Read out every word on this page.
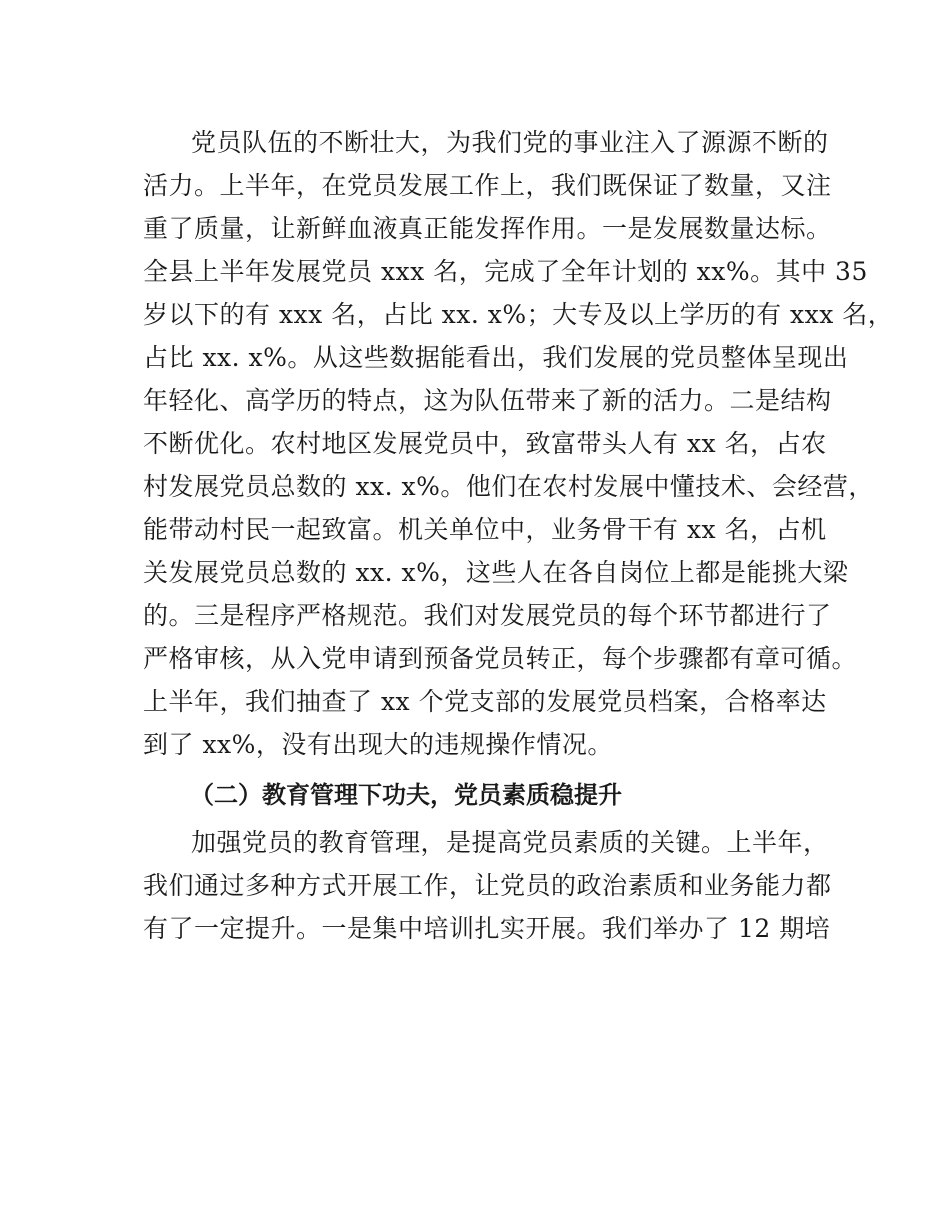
党员队伍的不断壮大，为我们党的事业注入了源源不断的
活力。上半年，在党员发展工作上，我们既保证了数量，又注
重了质量，让新鲜血液真正能发挥作用。一是发展数量达标。
全县上半年发展党员 xxx 名，完成了全年计划的 xx%。其中 35
岁以下的有 xxx 名，占比 xx. x%；大专及以上学历的有 xxx 名，
占比 xx. x%。从这些数据能看出，我们发展的党员整体呈现出
年轻化、高学历的特点，这为队伍带来了新的活力。二是结构
不断优化。农村地区发展党员中，致富带头人有 xx 名，占农
村发展党员总数的 xx. x%。他们在农村发展中懂技术、会经营，
能带动村民一起致富。机关单位中，业务骨干有 xx 名，占机
关发展党员总数的 xx. x%，这些人在各自岗位上都是能挑大梁
的。三是程序严格规范。我们对发展党员的每个环节都进行了
严格审核，从入党申请到预备党员转正，每个步骤都有章可循。
上半年，我们抽查了 xx 个党支部的发展党员档案，合格率达
到了 xx%，没有出现大的违规操作情况。
（二）教育管理下功夫，党员素质稳提升
加强党员的教育管理，是提高党员素质的关键。上半年，
我们通过多种方式开展工作，让党员的政治素质和业务能力都
有了一定提升。一是集中培训扎实开展。我们举办了 12 期培
